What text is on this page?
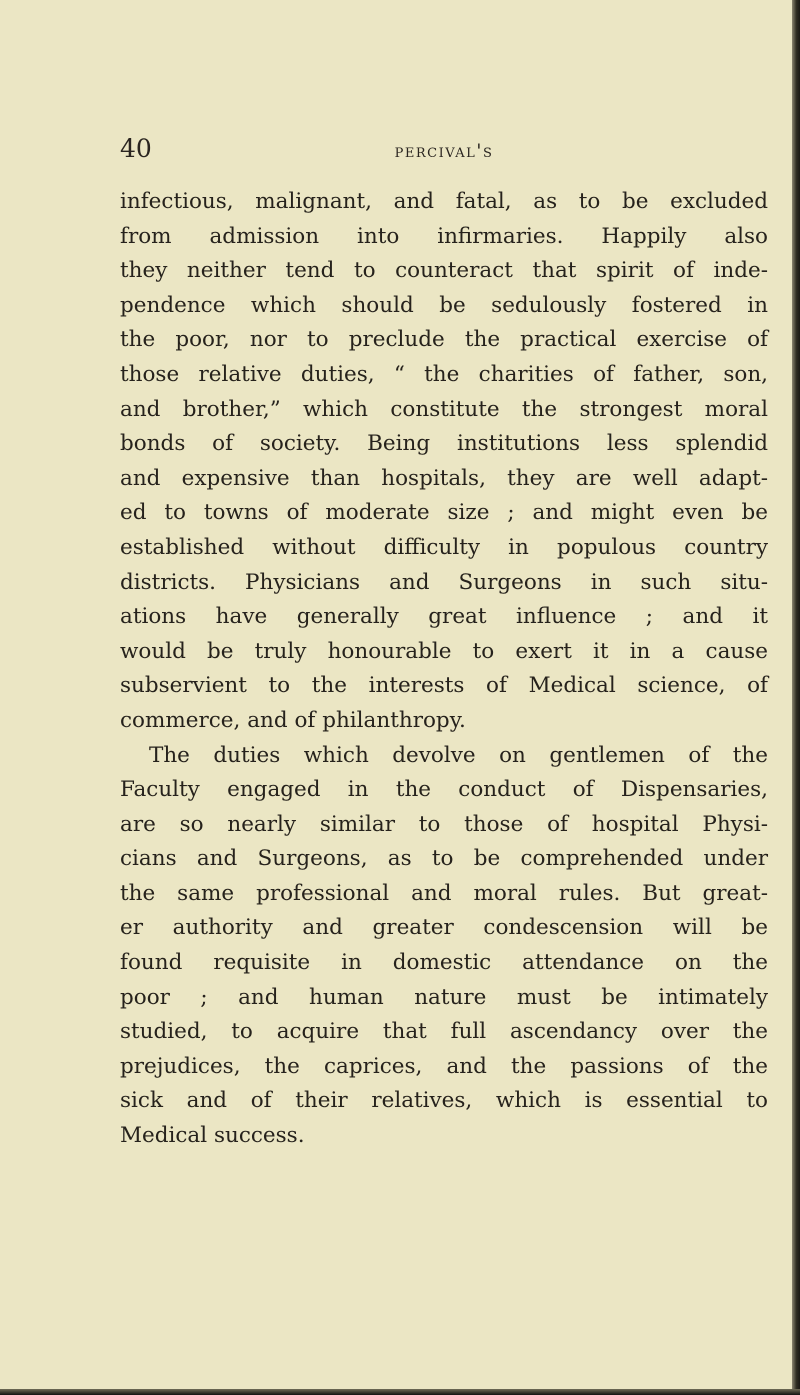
40	percival's
infectious, malignant, and fatal, as to be excluded
from admission into infirmaries. Happily also
they neither tend to counteract that spirit of inde-
pendence which should be sedulously fostered in
the poor, nor to preclude the practical exercise of
those relative duties, “ the charities of father, son,
and brother,” which constitute the strongest moral
bonds of society. Being institutions less splendid
and expensive than hospitals, they are well adapt-
ed to towns of moderate size ; and might even be
established without difficulty in populous country
districts. Physicians and Surgeons in such situ-
ations have generally great influence ; and it
would be truly honourable to exert it in a cause
subservient to the interests of Medical science, of
commerce, and of philanthropy.
The duties which devolve on gentlemen of the
Faculty engaged in the conduct of Dispensaries,
are so nearly similar to those of hospital Physi-
cians and Surgeons, as to be comprehended under
the same professional and moral rules. But great-
er authority and greater condescension will be
found requisite in domestic attendance on the
poor ; and human nature must be intimately
studied, to acquire that full ascendancy over the
prejudices, the caprices, and the passions of the
sick and of their relatives, which is essential to
Medical success.
